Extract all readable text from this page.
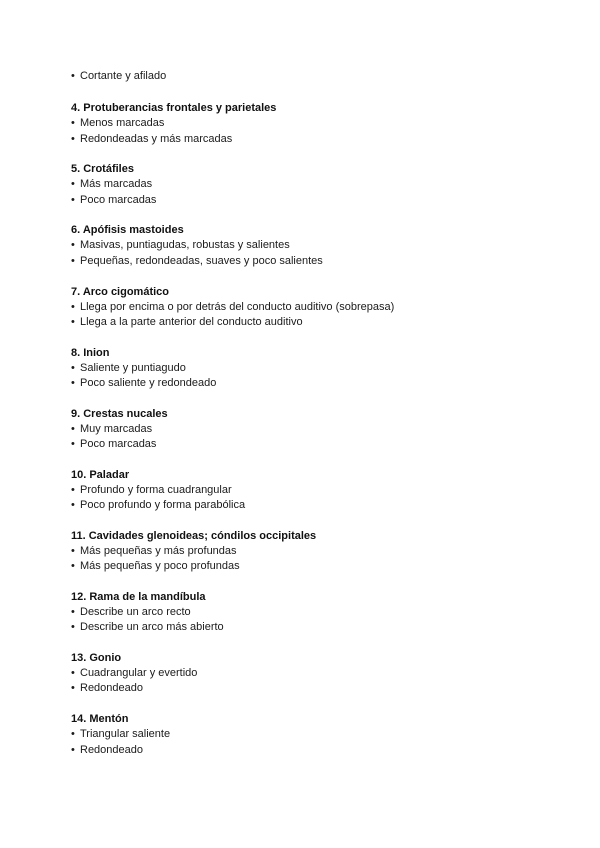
• Cortante y afilado

4. Protuberancias frontales y parietales

• Menos marcadas

• Redondeadas y más marcadas

5. Crotáfiles

• Más marcadas

• Poco marcadas

6. Apófisis mastoides

• Masivas, puntiagudas, robustas y salientes

• Pequeñas, redondeadas, suaves y poco salientes

7. Arco cigomático

• Llega por encima o por detrás del conducto auditivo (sobrepasa)

• Llega a la parte anterior del conducto auditivo

8. Inion

• Saliente y puntiagudo

• Poco saliente y redondeado

9. Crestas nucales

• Muy marcadas

• Poco marcadas

10. Paladar

• Profundo y forma cuadrangular

• Poco profundo y forma parabólica

11. Cavidades glenoideas; cóndilos occipitales

• Más pequeñas y más profundas

• Más pequeñas y poco profundas

12. Rama de la mandíbula

• Describe un arco recto

• Describe un arco más abierto

13. Gonio

• Cuadrangular y evertido

• Redondeado

14. Mentón

• Triangular saliente

• Redondeado
